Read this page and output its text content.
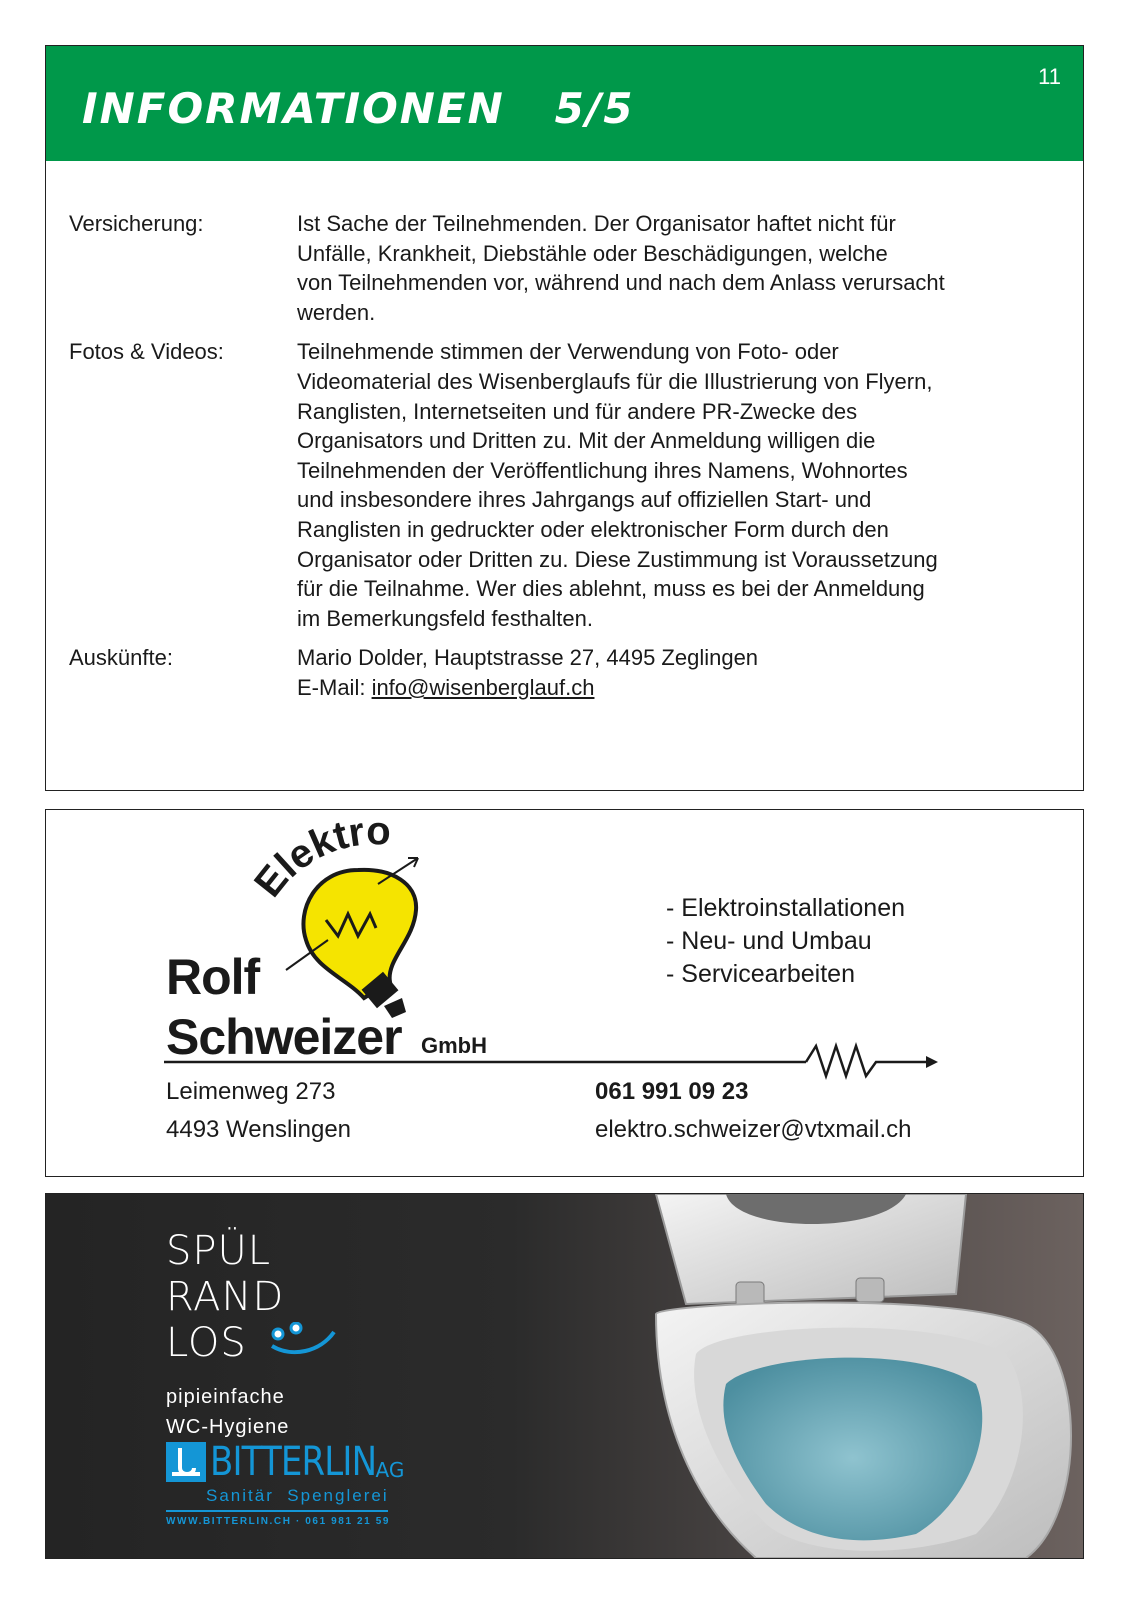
INFORMATIONEN   5/5
11
Versicherung:	Ist Sache der Teilnehmenden. Der Organisator haftet nicht für
Unfälle, Krankheit, Diebstähle oder Beschädigungen, welche
von Teilnehmenden vor, während und nach dem Anlass verursacht
werden.
Fotos & Videos:	Teilnehmende stimmen der Verwendung von Foto- oder
Videomaterial des Wisenberglaufs für die Illustrierung von Flyern,
Ranglisten, Internetseiten und für andere PR-Zwecke des
Organisators und Dritten zu. Mit der Anmeldung willigen die
Teilnehmenden der Veröffentlichung ihres Namens, Wohnortes
und insbesondere ihres Jahrgangs auf offiziellen Start- und
Ranglisten in gedruckter oder elektronischer Form durch den
Organisator oder Dritten zu. Diese Zustimmung ist Voraussetzung
für die Teilnahme. Wer dies ablehnt, muss es bei der Anmeldung
im Bemerkungsfeld festhalten.
Auskünfte:	Mario Dolder, Hauptstrasse 27, 4495 Zeglingen
E-Mail: info@wisenberglauf.ch
Elektro
Rolf
Schweizer GmbH
- Elektroinstallationen
- Neu- und Umbau
- Servicearbeiten
Leimenweg 273
4493 Wenslingen
061 991 09 23
elektro.schweizer@vtxmail.ch
SPÜL
RAND
LOS
pipieinfache
WC-Hygiene
BITTERLIN AG
Sanitär  Spenglerei
WWW.BITTERLIN.CH · 061 981 21 59
